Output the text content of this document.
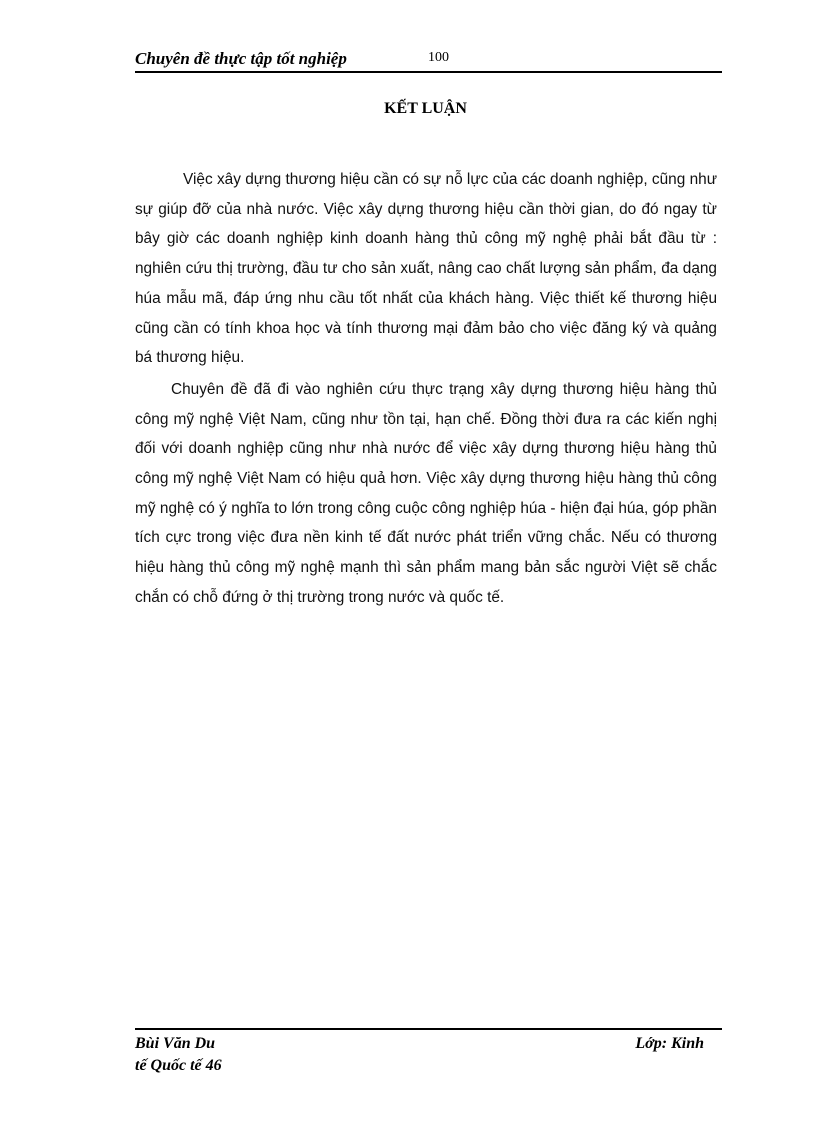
Chuyên đề thực tập tốt nghiệp	100
KẾT LUẬN

Việc xây dựng thương hiệu cần có sự nỗ lực của các doanh nghiệp, cũng như sự giúp đỡ của nhà nước. Việc xây dựng thương hiệu cần thời gian, do đó ngay từ bây giờ các doanh nghiệp kinh doanh hàng thủ công mỹ nghệ phải bắt đầu từ : nghiên cứu thị trường, đầu tư cho sản xuất, nâng cao chất lượng sản phẩm, đa dạng húa mẫu mã, đáp ứng nhu cầu tốt nhất của khách hàng. Việc thiết kế thương hiệu cũng cần có tính khoa học và tính thương mại đảm bảo cho việc đăng ký và quảng bá thương hiệu.

Chuyên đề đã đi vào nghiên cứu thực trạng xây dựng thương hiệu hàng thủ công mỹ nghệ Việt Nam, cũng như tồn tại, hạn chế. Đồng thời đưa ra các kiến nghị đối với doanh nghiệp cũng như nhà nước để việc xây dựng thương hiệu hàng thủ công mỹ nghệ Việt Nam có hiệu quả hơn. Việc xây dựng thương hiệu hàng thủ công mỹ nghệ có ý nghĩa to lớn trong công cuộc công nghiệp húa - hiện đại húa, góp phần tích cực trong việc đưa nền kinh tế đất nước phát triển vững chắc. Nếu có thương hiệu hàng thủ công mỹ nghệ mạnh thì sản phẩm mang bản sắc người Việt sẽ chắc chắn có chỗ đứng ở thị trường trong nước và quốc tế.

Bùi Văn Du	Lớp: Kinh
tế Quốc tế 46
